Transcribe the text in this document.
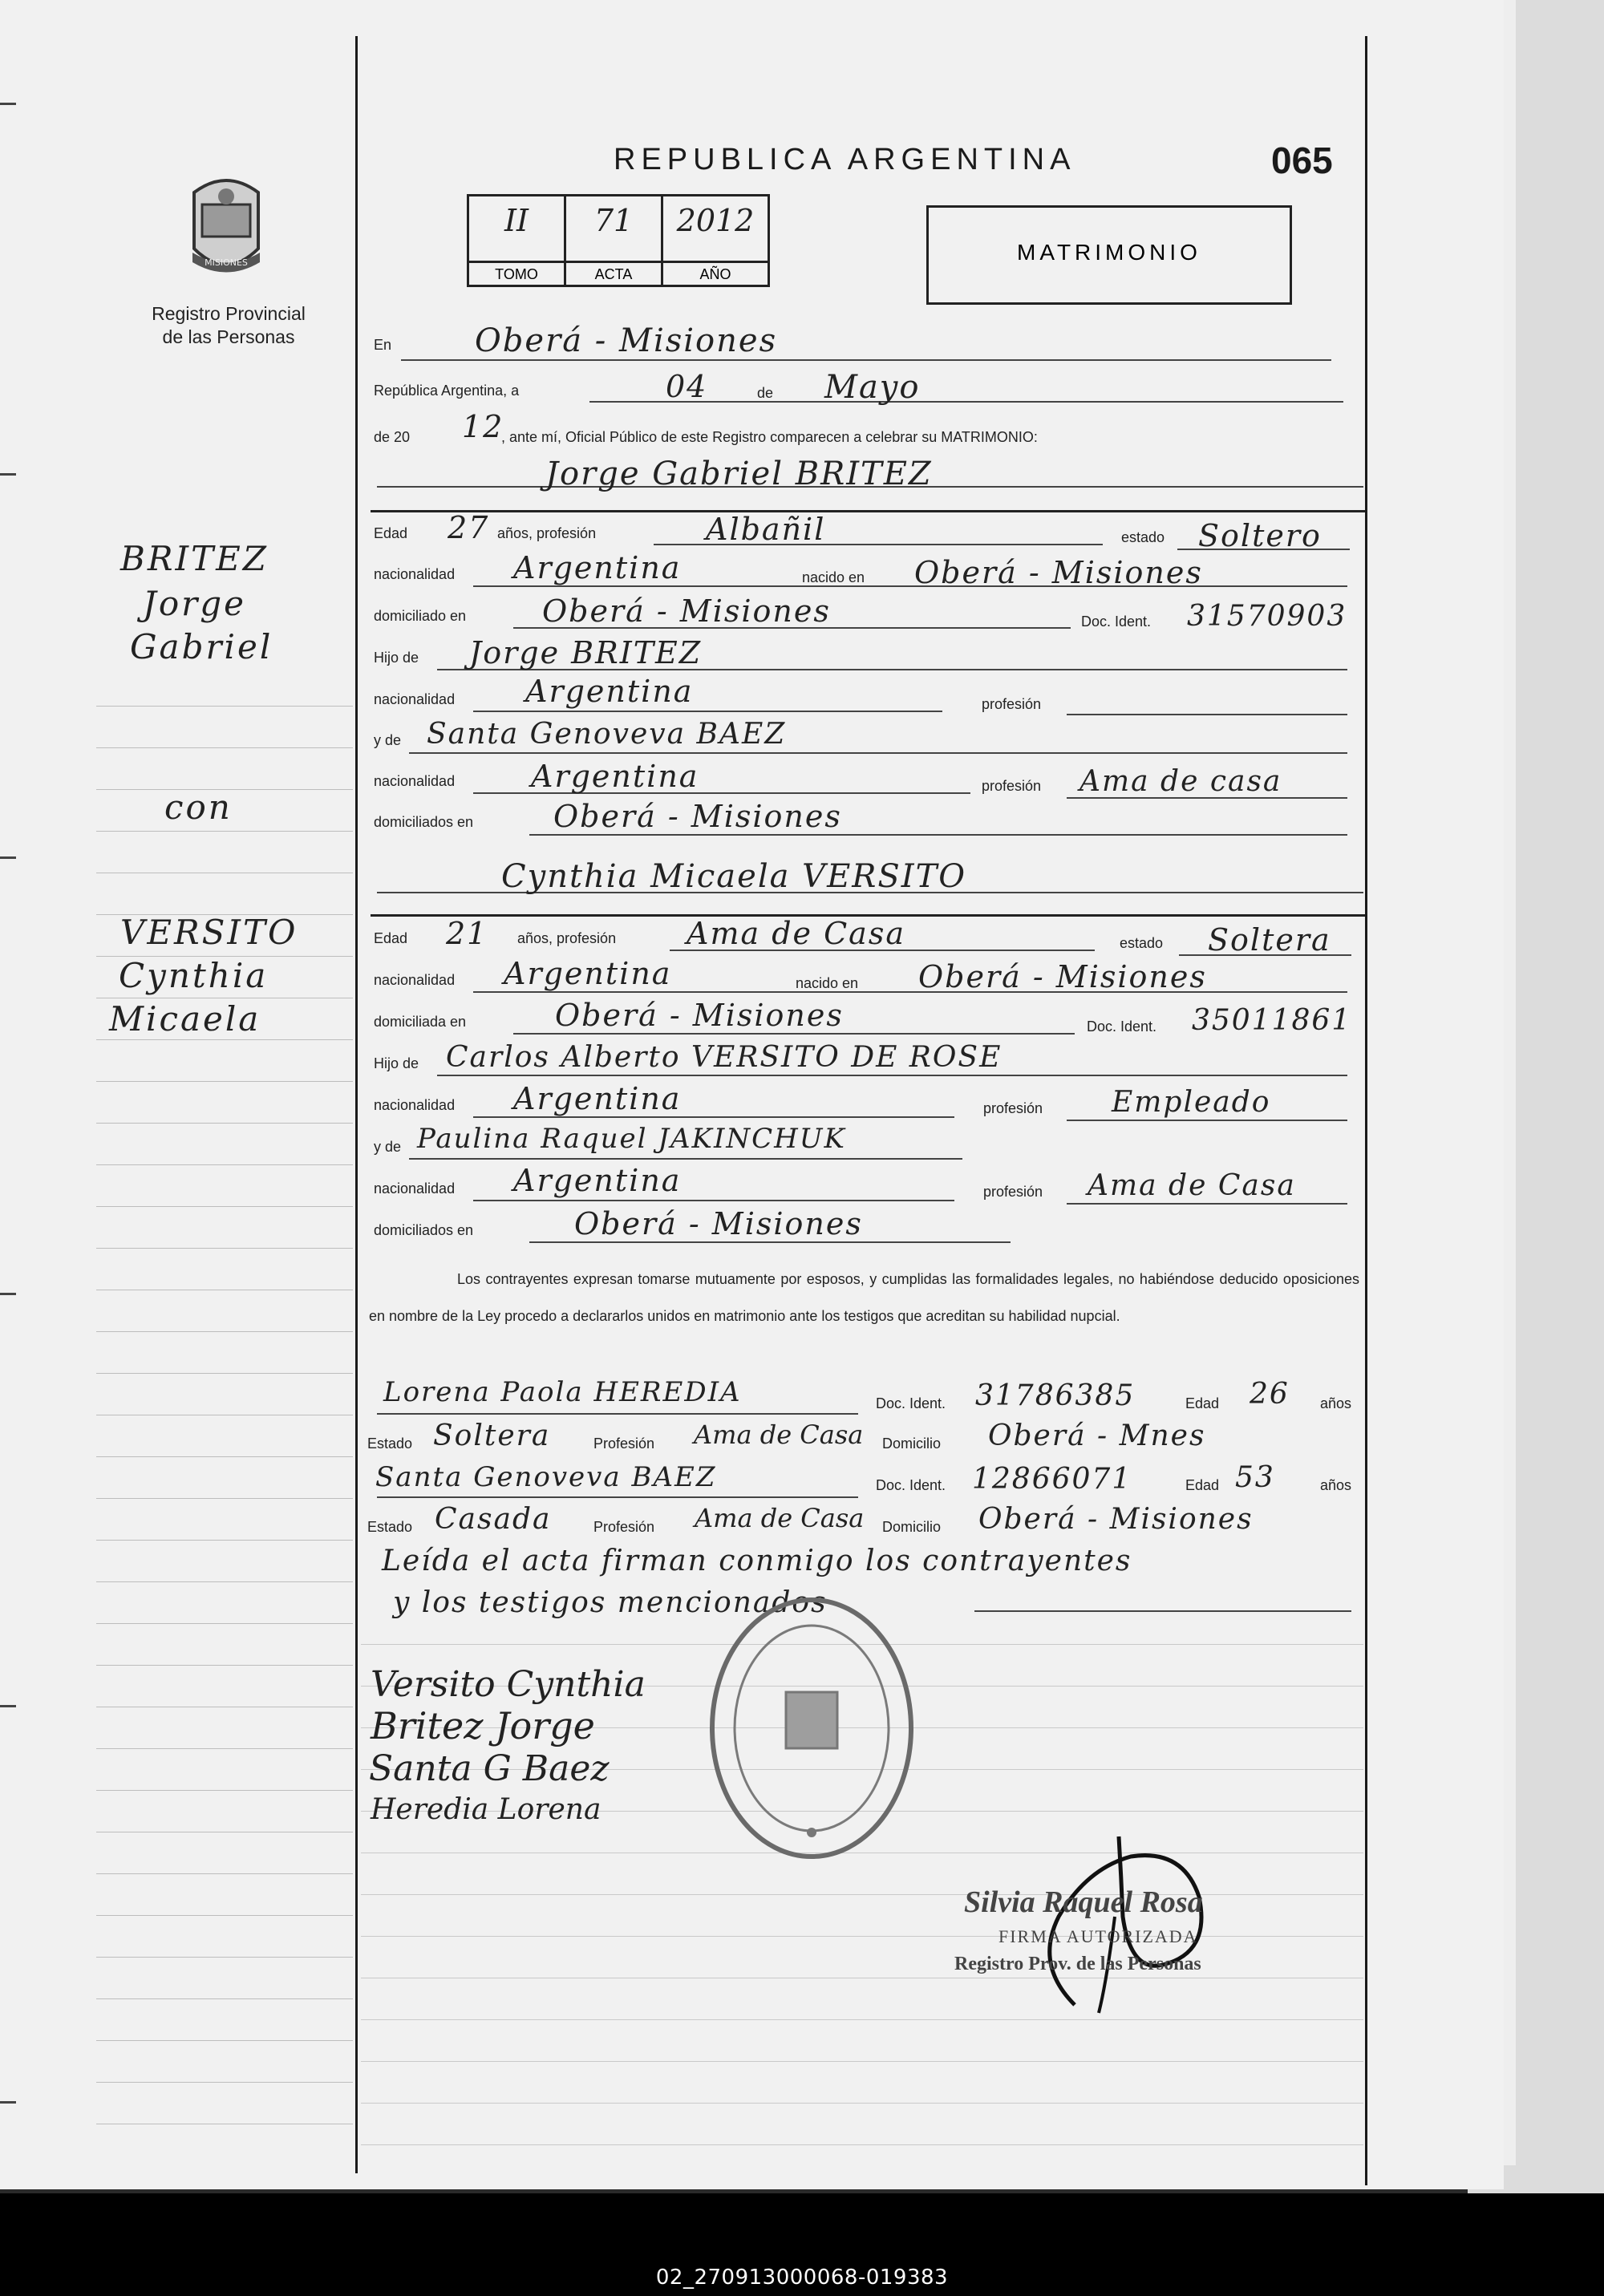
REPUBLICA ARGENTINA	065
II	71	2012
TOMO	ACTA	AÑO
MATRIMONIO
MISIONES
Registro Provincial
de las Personas
BRITEZ
Jorge
Gabriel
con
VERSITO
Cynthia
Micaela
En	Oberá - Misiones
República Argentina, a	04	de Mayo
de 20 12
, ante mí, Oficial Público de este Registro comparecen a celebrar su MATRIMONIO:
Jorge Gabriel BRITEZ
Edad 27 años, profesión	Albañil	estado Soltero
nacionalidad Argentina	nacido en Oberá - Misiones
domiciliado en Oberá - Misiones	Doc. Ident. 31570903
Hijo de Jorge BRITEZ
nacionalidad Argentina	profesión
y de Santa Genoveva BAEZ
nacionalidad Argentina	profesión Ama de casa
domiciliados en	Oberá - Misiones
Cynthia Micaela VERSITO
Edad 21 años, profesión Ama de Casa	estado Soltera
nacionalidad Argentina	nacido en Oberá - Misiones
domiciliada en	Oberá - Misiones	Doc. Ident. 35011861
Hijo de Carlos Alberto VERSITO DE ROSE
nacionalidad Argentina	profesión Empleado
y de Paulina Raquel JAKINCHUK
nacionalidad Argentina	profesión Ama de Casa
domiciliados en	Oberá - Misiones
Los contrayentes expresan tomarse mutuamente por esposos, y cumplidas las formalidades legales, no habiéndose deducido oposiciones en nombre de la Ley procedo a declararlos unidos en matrimonio ante los testigos que acreditan su habilidad nupcial.
Lorena Paola HEREDIA	Doc. Ident. 31786385	Edad 26 años
Estado Soltera	Profesión Ama de Casa Domicilio Oberá - Mnes
Santa Genoveva BAEZ	Doc. Ident. 12866071	Edad 53	años
Estado Casada	Profesión Ama de Casa Domicilio Oberá - Misiones
Leída el acta firman conmigo los contrayentes
y los testigos mencionados
Versito Cynthia
Britez Jorge
Santa G Baez
Heredia Lorena
Silvia Raquel Rosa
FIRMA AUTORIZADA
Registro Prov. de las Personas
02_270913000068-019383
